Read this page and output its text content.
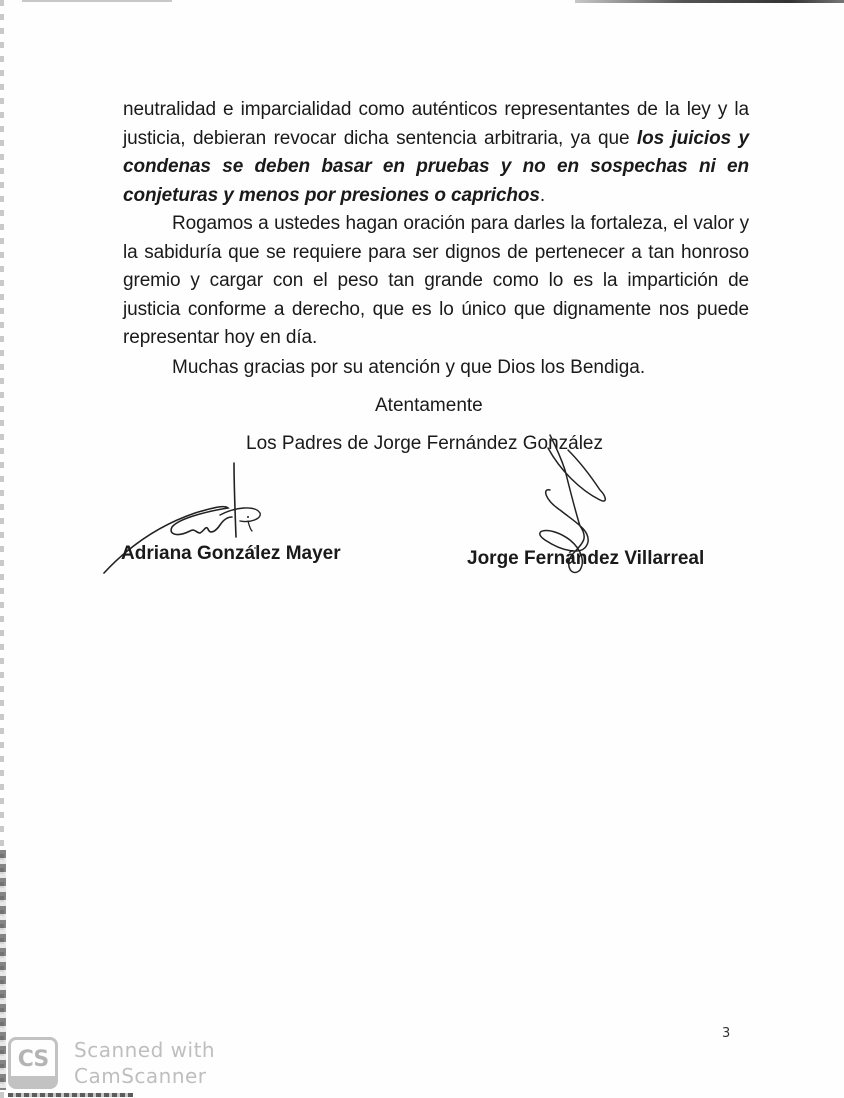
neutralidad e imparcialidad como auténticos representantes de la ley y la justicia, debieran revocar dicha sentencia arbitraria, ya que los juicios y condenas se deben basar en pruebas y no en sospechas ni en conjeturas y menos por presiones o caprichos.

Rogamos a ustedes hagan oración para darles la fortaleza, el valor y la sabiduría que se requiere para ser dignos de pertenecer a tan honroso gremio y cargar con el peso tan grande como lo es la impartición de justicia conforme a derecho, que es lo único que dignamente nos puede representar hoy en día.

Muchas gracias por su atención y que Dios los Bendiga.

Atentamente

Los Padres de Jorge Fernández González

Adriana González Mayer	Jorge Fernández Villarreal

3

CS Scanned with
CamScanner
